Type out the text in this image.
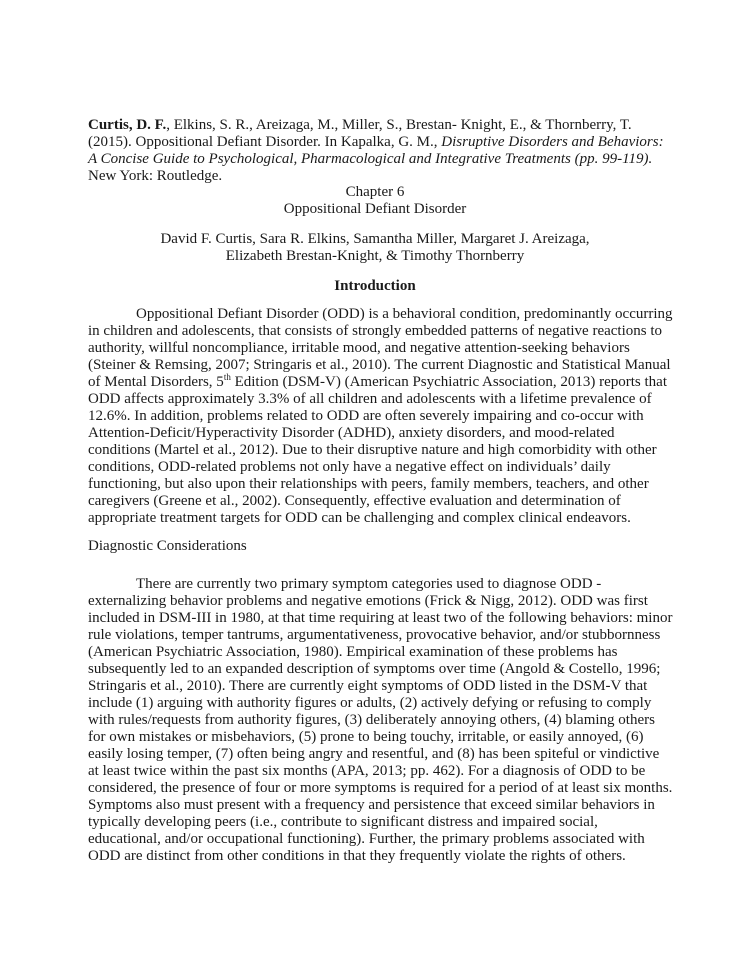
Curtis, D. F., Elkins, S. R., Areizaga, M., Miller, S., Brestan- Knight, E., & Thornberry, T.
(2015). Oppositional Defiant Disorder. In Kapalka, G. M., Disruptive Disorders and Behaviors:
A Concise Guide to Psychological, Pharmacological and Integrative Treatments (pp. 99-119).
New York: Routledge.
Chapter 6
Oppositional Defiant Disorder
David F. Curtis, Sara R. Elkins, Samantha Miller, Margaret J. Areizaga,
Elizabeth Brestan-Knight, & Timothy Thornberry
Introduction
Oppositional Defiant Disorder (ODD) is a behavioral condition, predominantly occurring
in children and adolescents, that consists of strongly embedded patterns of negative reactions to
authority, willful noncompliance, irritable mood, and negative attention-seeking behaviors
(Steiner & Remsing, 2007; Stringaris et al., 2010). The current Diagnostic and Statistical Manual
of Mental Disorders, 5th Edition (DSM-V) (American Psychiatric Association, 2013) reports that
ODD affects approximately 3.3% of all children and adolescents with a lifetime prevalence of
12.6%. In addition, problems related to ODD are often severely impairing and co-occur with
Attention-Deficit/Hyperactivity Disorder (ADHD), anxiety disorders, and mood-related
conditions (Martel et al., 2012). Due to their disruptive nature and high comorbidity with other
conditions, ODD-related problems not only have a negative effect on individuals’ daily
functioning, but also upon their relationships with peers, family members, teachers, and other
caregivers (Greene et al., 2002). Consequently, effective evaluation and determination of
appropriate treatment targets for ODD can be challenging and complex clinical endeavors.
Diagnostic Considerations
There are currently two primary symptom categories used to diagnose ODD -
externalizing behavior problems and negative emotions (Frick & Nigg, 2012). ODD was first
included in DSM-III in 1980, at that time requiring at least two of the following behaviors: minor
rule violations, temper tantrums, argumentativeness, provocative behavior, and/or stubbornness
(American Psychiatric Association, 1980). Empirical examination of these problems has
subsequently led to an expanded description of symptoms over time (Angold & Costello, 1996;
Stringaris et al., 2010). There are currently eight symptoms of ODD listed in the DSM-V that
include (1) arguing with authority figures or adults, (2) actively defying or refusing to comply
with rules/requests from authority figures, (3) deliberately annoying others, (4) blaming others
for own mistakes or misbehaviors, (5) prone to being touchy, irritable, or easily annoyed, (6)
easily losing temper, (7) often being angry and resentful, and (8) has been spiteful or vindictive
at least twice within the past six months (APA, 2013; pp. 462). For a diagnosis of ODD to be
considered, the presence of four or more symptoms is required for a period of at least six months.
Symptoms also must present with a frequency and persistence that exceed similar behaviors in
typically developing peers (i.e., contribute to significant distress and impaired social,
educational, and/or occupational functioning). Further, the primary problems associated with
ODD are distinct from other conditions in that they frequently violate the rights of others.
